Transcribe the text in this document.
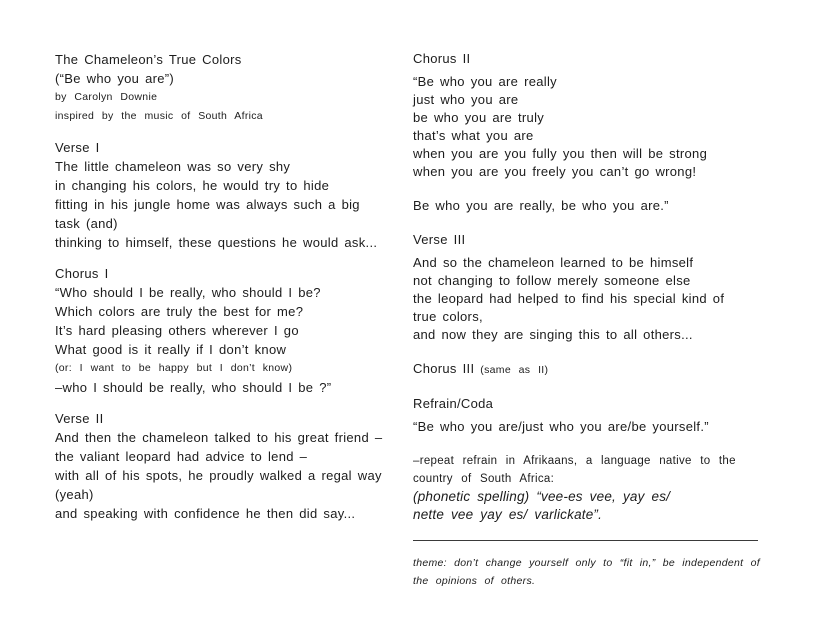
The Chameleon’s True Colors
(“Be who you are”)
by Carolyn Downie
inspired by the music of South Africa
Verse I
The little chameleon was so very shy
in changing his colors, he would try to hide
fitting in his jungle home was always such a big
task (and)
thinking to himself, these questions he would ask...
Chorus I
“Who should I be really, who should I be?
Which colors are truly the best for me?
It’s hard pleasing others wherever I go
What good is it really if I don’t know
(or: I want to be happy but I don’t know)
–who I should be really, who should I be ?”
Verse II
And then the chameleon talked to his great friend –
the valiant leopard had advice to lend –
with all of his spots, he proudly walked a regal way
(yeah)
and speaking with confidence he then did say...
Chorus II
“Be who you are really
just who you are
be who you are truly
that’s what you are
when you are you fully you then will be strong
when you are you freely you can’t go wrong!
Be who you are really, be who you are.”
Verse III
And so the chameleon learned to be himself
not changing to follow merely someone else
the leopard had helped to find his special kind of
true colors,
and now they are singing this to all others...
Chorus III (same as II)
Refrain/Coda
“Be who you are/just who you are/be yourself.”
–repeat refrain in Afrikaans, a language native to the
country of South Africa:
(phonetic spelling) “vee-es vee, yay es/
nette vee yay es/ varlickate”.
theme: don’t change yourself only to “fit in,” be independent of
the opinions of others.
